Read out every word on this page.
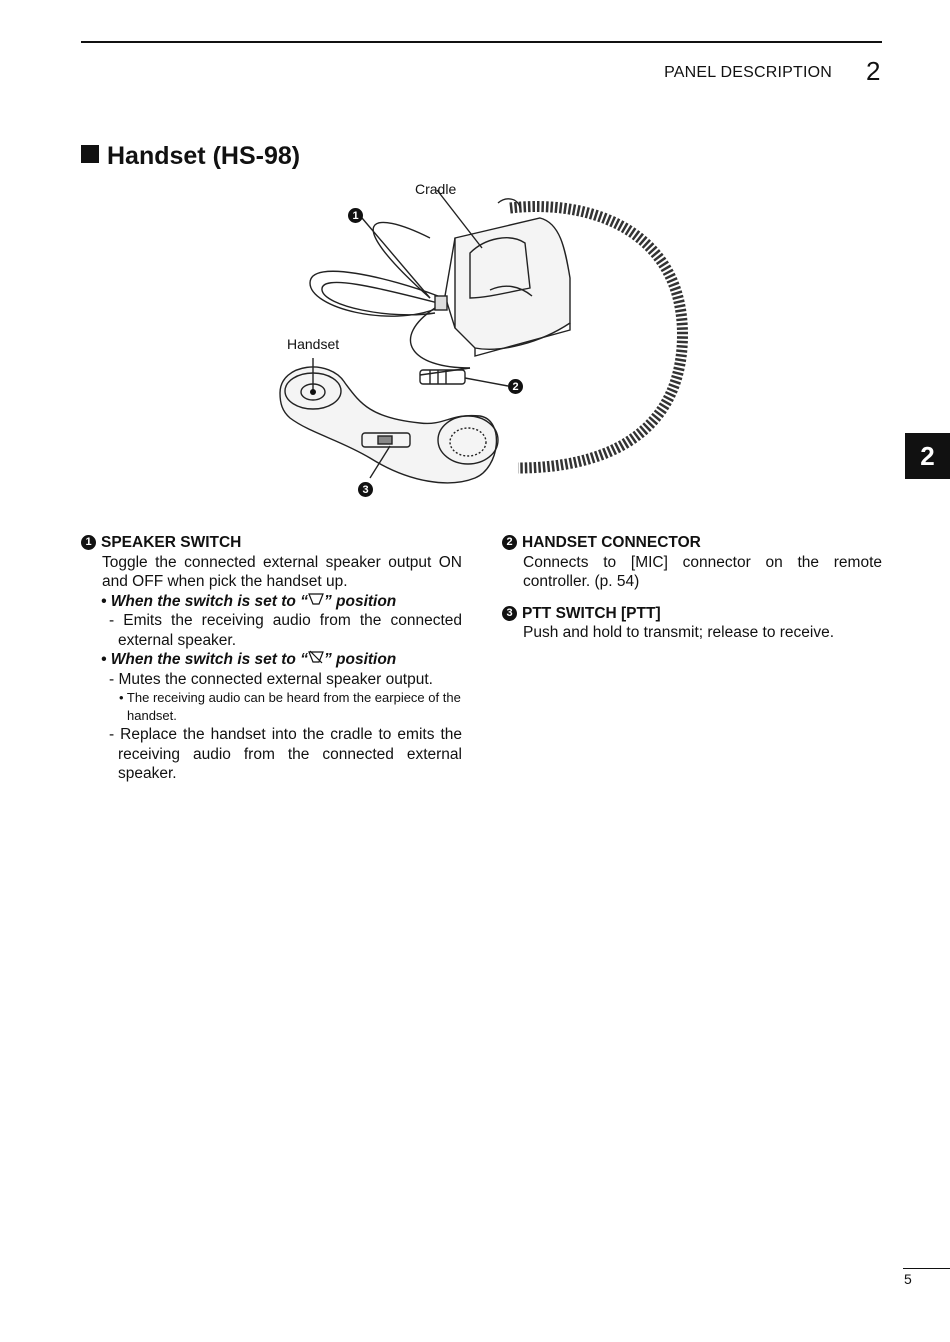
PANEL DESCRIPTION 2
Handset (HS-98)
2
Cradle
Handset
1
2
3
1 SPEAKER SWITCH
Toggle the connected external speaker output ON and OFF when pick the handset up.
• When the switch is set to “ ” position
- Emits the receiving audio from the connected external speaker.
• When the switch is set to “ ” position
- Mutes the connected external speaker output.
• The receiving audio can be heard from the earpiece of the handset.
- Replace the handset into the cradle to emits the receiving audio from the connected external speaker.
2 HANDSET CONNECTOR
Connects to [MIC] connector on the remote controller. (p. 54)
3 PTT SWITCH [PTT]
Push and hold to transmit; release to receive.
5
